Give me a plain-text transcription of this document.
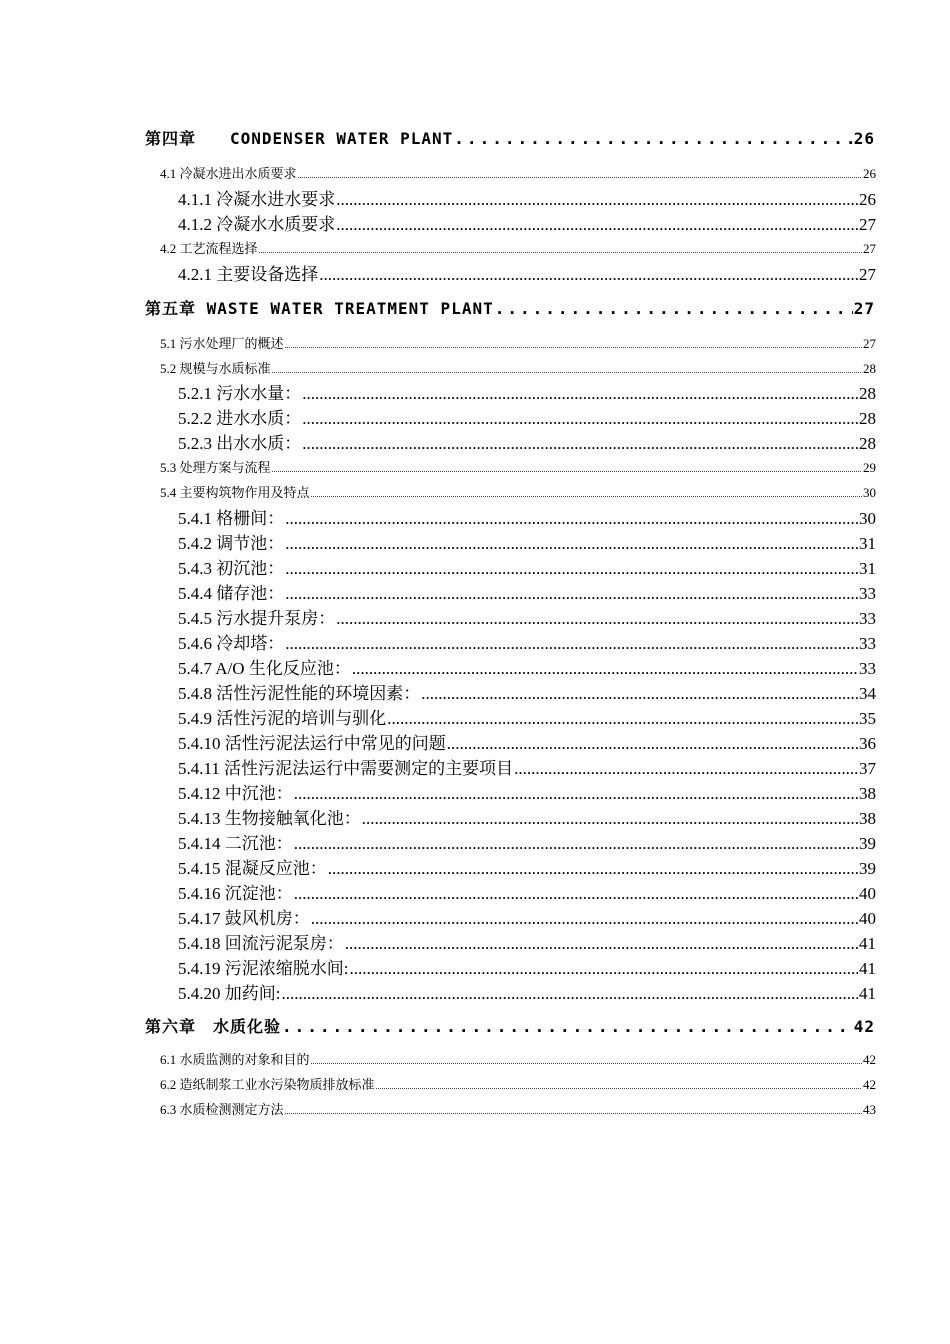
第四章　　CONDENSER WATER PLANT .....	26
4.1 冷凝水进出水质要求 .....	26
4.1.1 冷凝水进水要求 .....	26
4.1.2 冷凝水水质要求 .....	27
4.2 工艺流程选择 .....	27
4.2.1 主要设备选择 .....	27
第五章 WASTE WATER TREATMENT PLANT .....	27
5.1 污水处理厂的概述 .....	27
5.2 规模与水质标准 .....	28
5.2.1 污水水量： .....	28
5.2.2 进水水质： .....	28
5.2.3 出水水质： .....	28
5.3 处理方案与流程 .....	29
5.4 主要构筑物作用及特点 .....	30
5.4.1 格栅间： .....	30
5.4.2 调节池： .....	31
5.4.3 初沉池： .....	31
5.4.4 储存池： .....	33
5.4.5 污水提升泵房： .....	33
5.4.6 冷却塔： .....	33
5.4.7 A/O 生化反应池： .....	33
5.4.8 活性污泥性能的环境因素： .....	34
5.4.9 活性污泥的培训与驯化 .....	35
5.4.10 活性污泥法运行中常见的问题 .....	36
5.4.11 活性污泥法运行中需要测定的主要项目 .....	37
5.4.12 中沉池： .....	38
5.4.13 生物接触氧化池： .....	38
5.4.14 二沉池： .....	39
5.4.15 混凝反应池： .....	39
5.4.16 沉淀池： .....	40
5.4.17 鼓风机房： .....	40
5.4.18 回流污泥泵房： .....	41
5.4.19 污泥浓缩脱水间: .....	41
5.4.20 加药间: .....	41
第六章　水质化验 .....	42
6.1 水质监测的对象和目的 .....	42
6.2 造纸制浆工业水污染物质排放标准 .....	42
6.3 水质检测测定方法 .....	43
